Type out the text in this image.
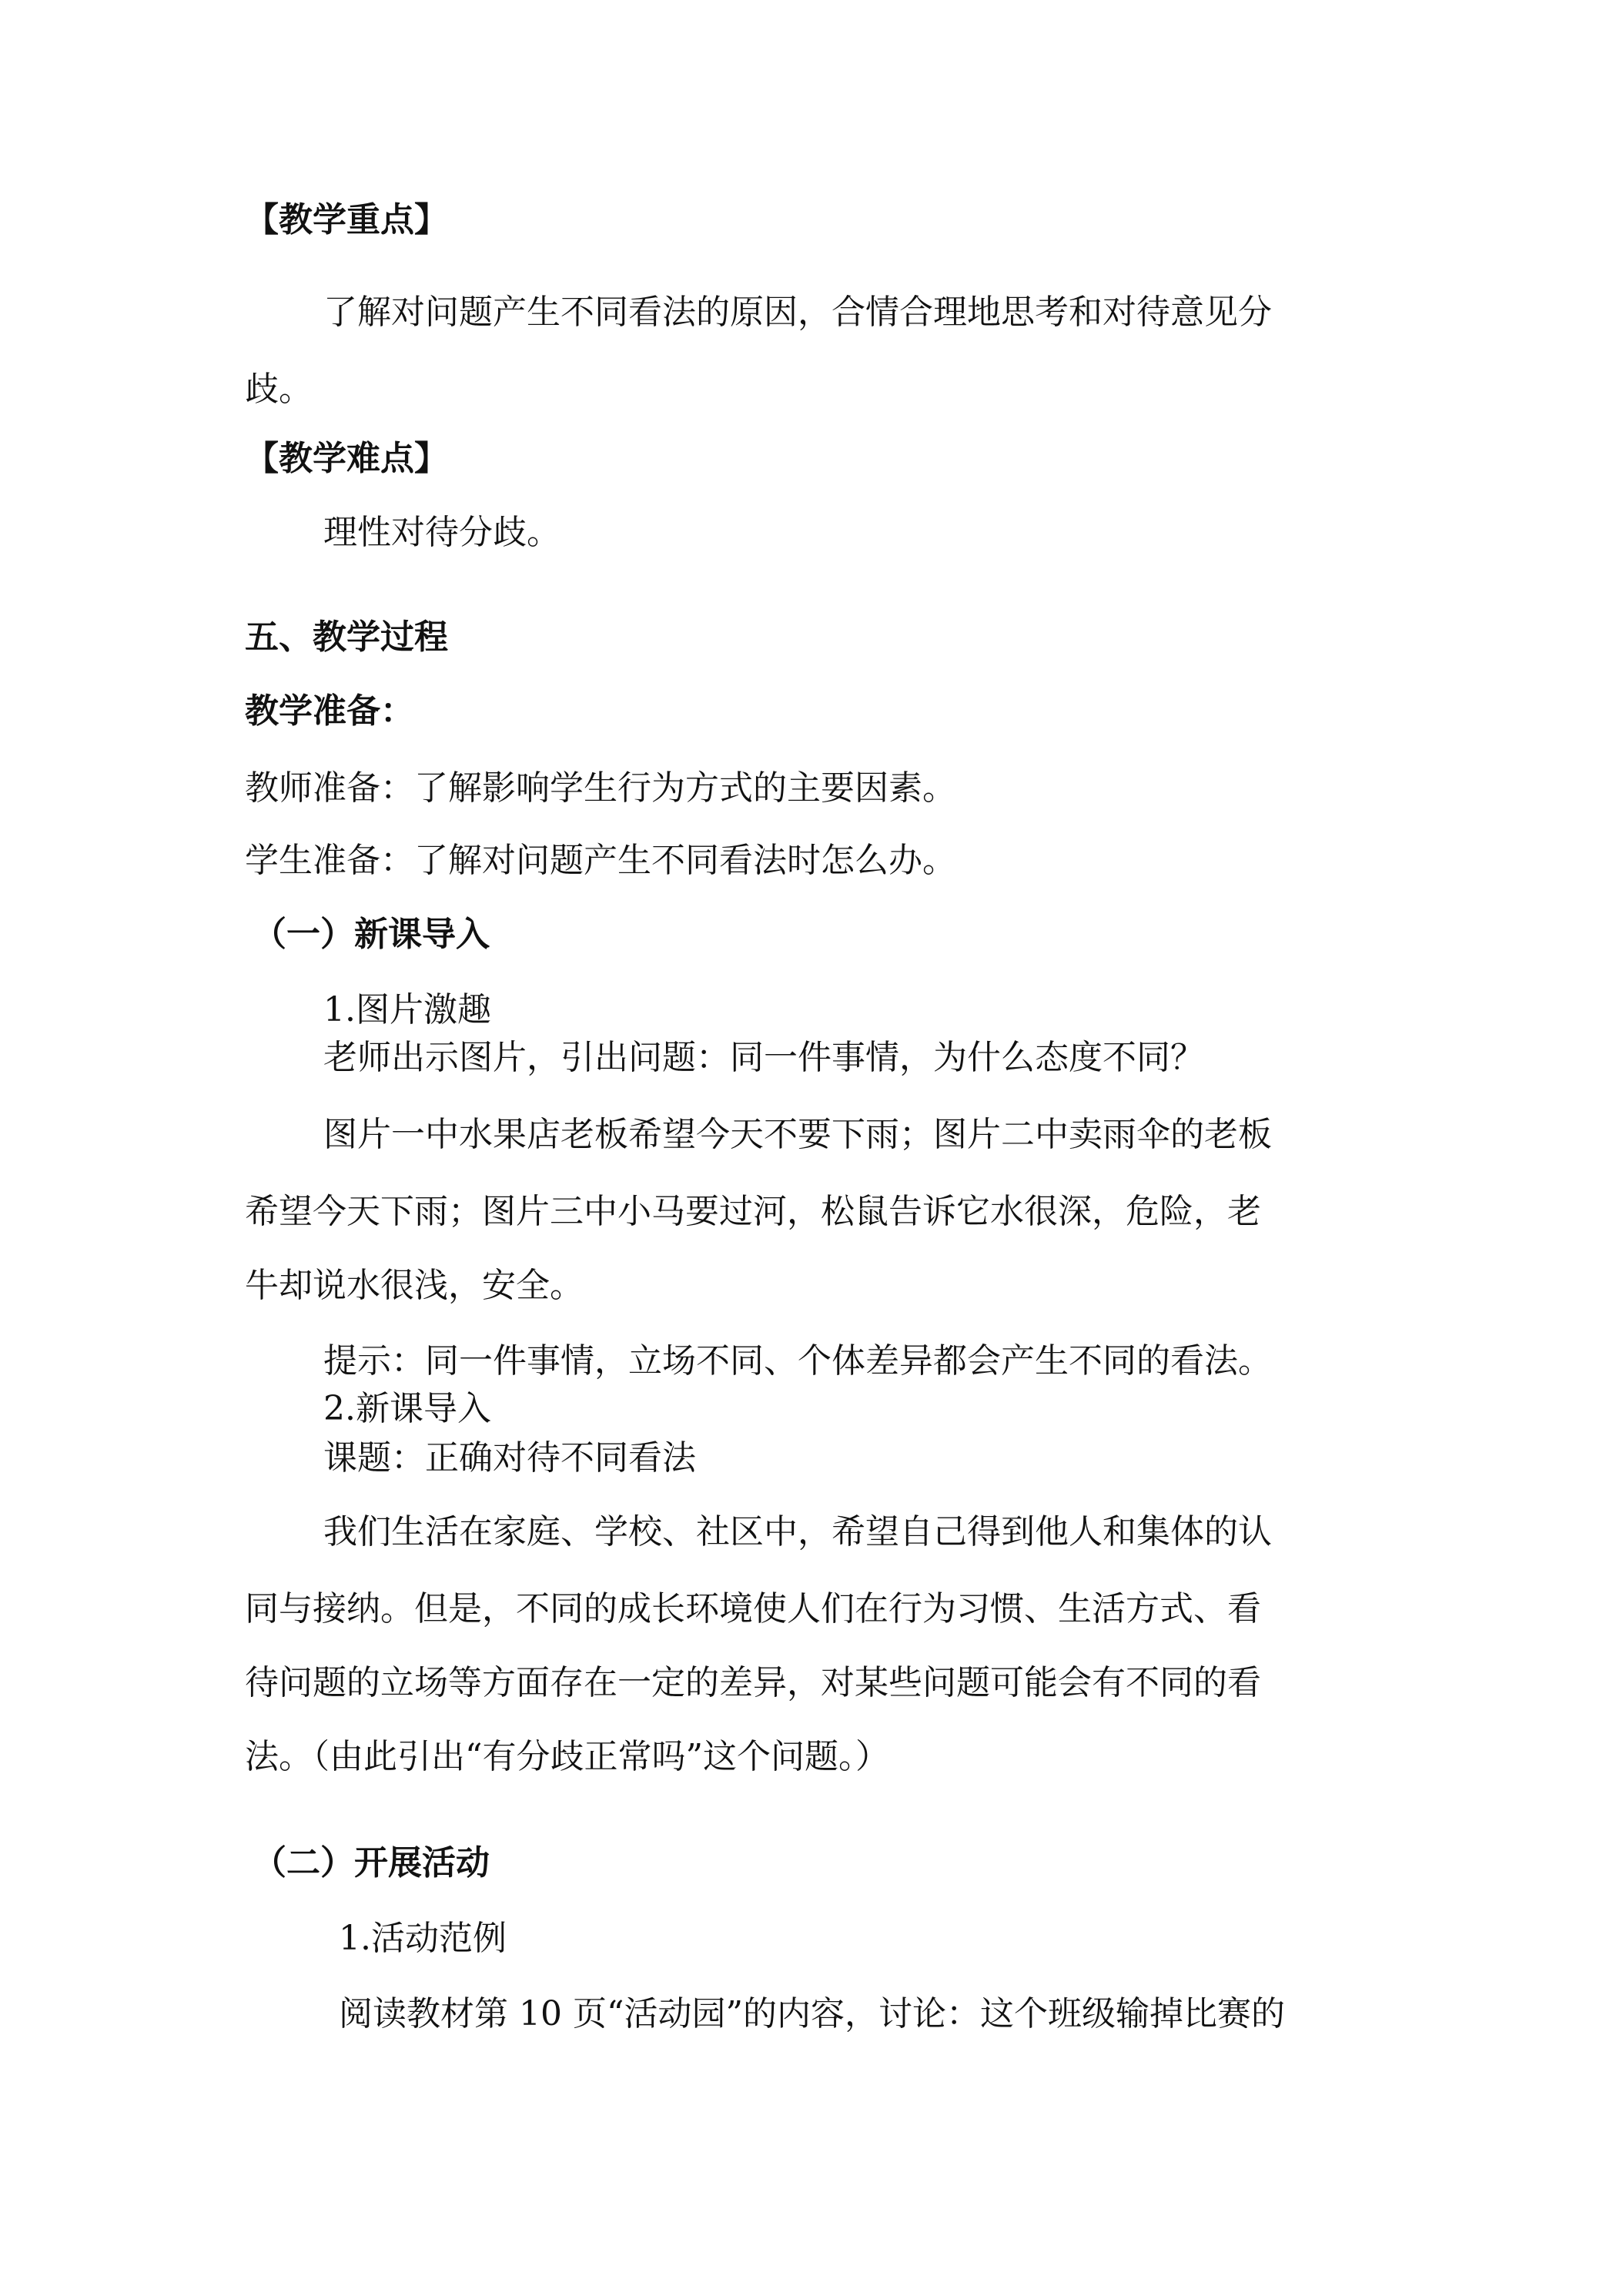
【教学重点】
了解对问题产生不同看法的原因，合情合理地思考和对待意见分
歧。
【教学难点】
理性对待分歧。
五、教学过程
教学准备：
教师准备：了解影响学生行为方式的主要因素。
学生准备：了解对问题产生不同看法时怎么办。
（一）新课导入
1.图片激趣
老师出示图片，引出问题：同一件事情，为什么态度不同？
图片一中水果店老板希望今天不要下雨；图片二中卖雨伞的老板
希望今天下雨；图片三中小马要过河，松鼠告诉它水很深，危险，老
牛却说水很浅，安全。
提示：同一件事情，立场不同、个体差异都会产生不同的看法。
2.新课导入
课题：正确对待不同看法
我们生活在家庭、学校、社区中，希望自己得到他人和集体的认
同与接纳。但是，不同的成长环境使人们在行为习惯、生活方式、看
待问题的立场等方面存在一定的差异，对某些问题可能会有不同的看
法。（由此引出“有分歧正常吗”这个问题。）
（二）开展活动
1.活动范例
阅读教材第 10 页“活动园”的内容，讨论：这个班级输掉比赛的
